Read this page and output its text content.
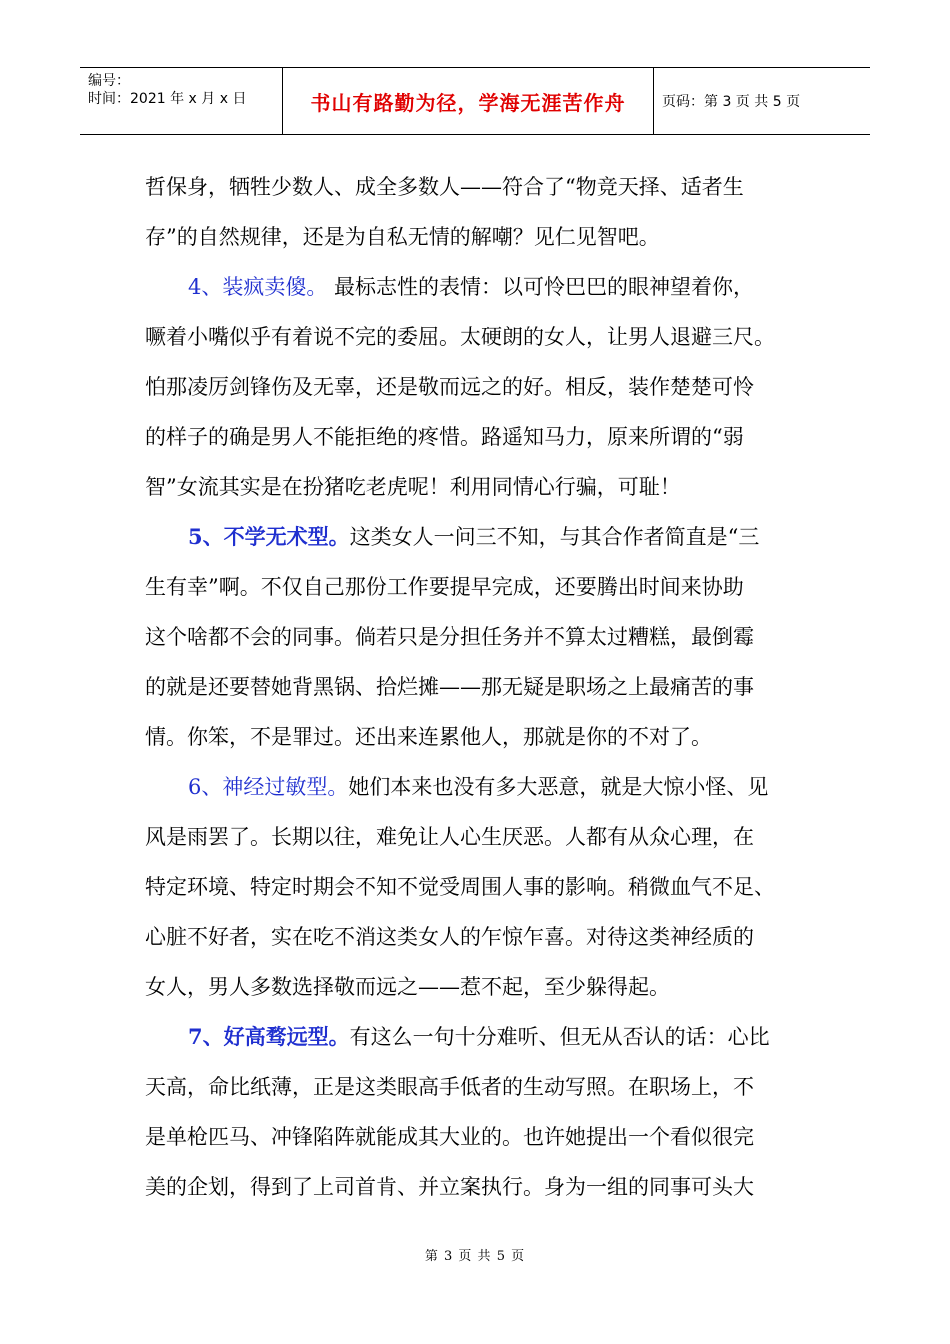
编号：
时间：2021 年 x 月 x 日	书山有路勤为径，学海无涯苦作舟	页码：第 3 页 共 5 页
哲保身，牺牲少数人、成全多数人——符合了“物竞天择、适者生
存”的自然规律，还是为自私无情的解嘲？见仁见智吧。
4、装疯卖傻。 最标志性的表情：以可怜巴巴的眼神望着你，
噘着小嘴似乎有着说不完的委屈。太硬朗的女人，让男人退避三尺。
怕那凌厉剑锋伤及无辜，还是敬而远之的好。相反，装作楚楚可怜
的样子的确是男人不能拒绝的疼惜。路遥知马力，原来所谓的“弱
智”女流其实是在扮猪吃老虎呢！利用同情心行骗，可耻！
5、不学无术型。这类女人一问三不知，与其合作者简直是“三
生有幸”啊。不仅自己那份工作要提早完成，还要腾出时间来协助
这个啥都不会的同事。倘若只是分担任务并不算太过糟糕，最倒霉
的就是还要替她背黑锅、拾烂摊——那无疑是职场之上最痛苦的事
情。你笨，不是罪过。还出来连累他人，那就是你的不对了。
6、神经过敏型。她们本来也没有多大恶意，就是大惊小怪、见
风是雨罢了。长期以往，难免让人心生厌恶。人都有从众心理，在
特定环境、特定时期会不知不觉受周围人事的影响。稍微血气不足、
心脏不好者，实在吃不消这类女人的乍惊乍喜。对待这类神经质的
女人，男人多数选择敬而远之——惹不起，至少躲得起。
7、好高骛远型。有这么一句十分难听、但无从否认的话：心比
天高，命比纸薄，正是这类眼高手低者的生动写照。在职场上，不
是单枪匹马、冲锋陷阵就能成其大业的。也许她提出一个看似很完
美的企划，得到了上司首肯、并立案执行。身为一组的同事可头大
第 3 页 共 5 页
